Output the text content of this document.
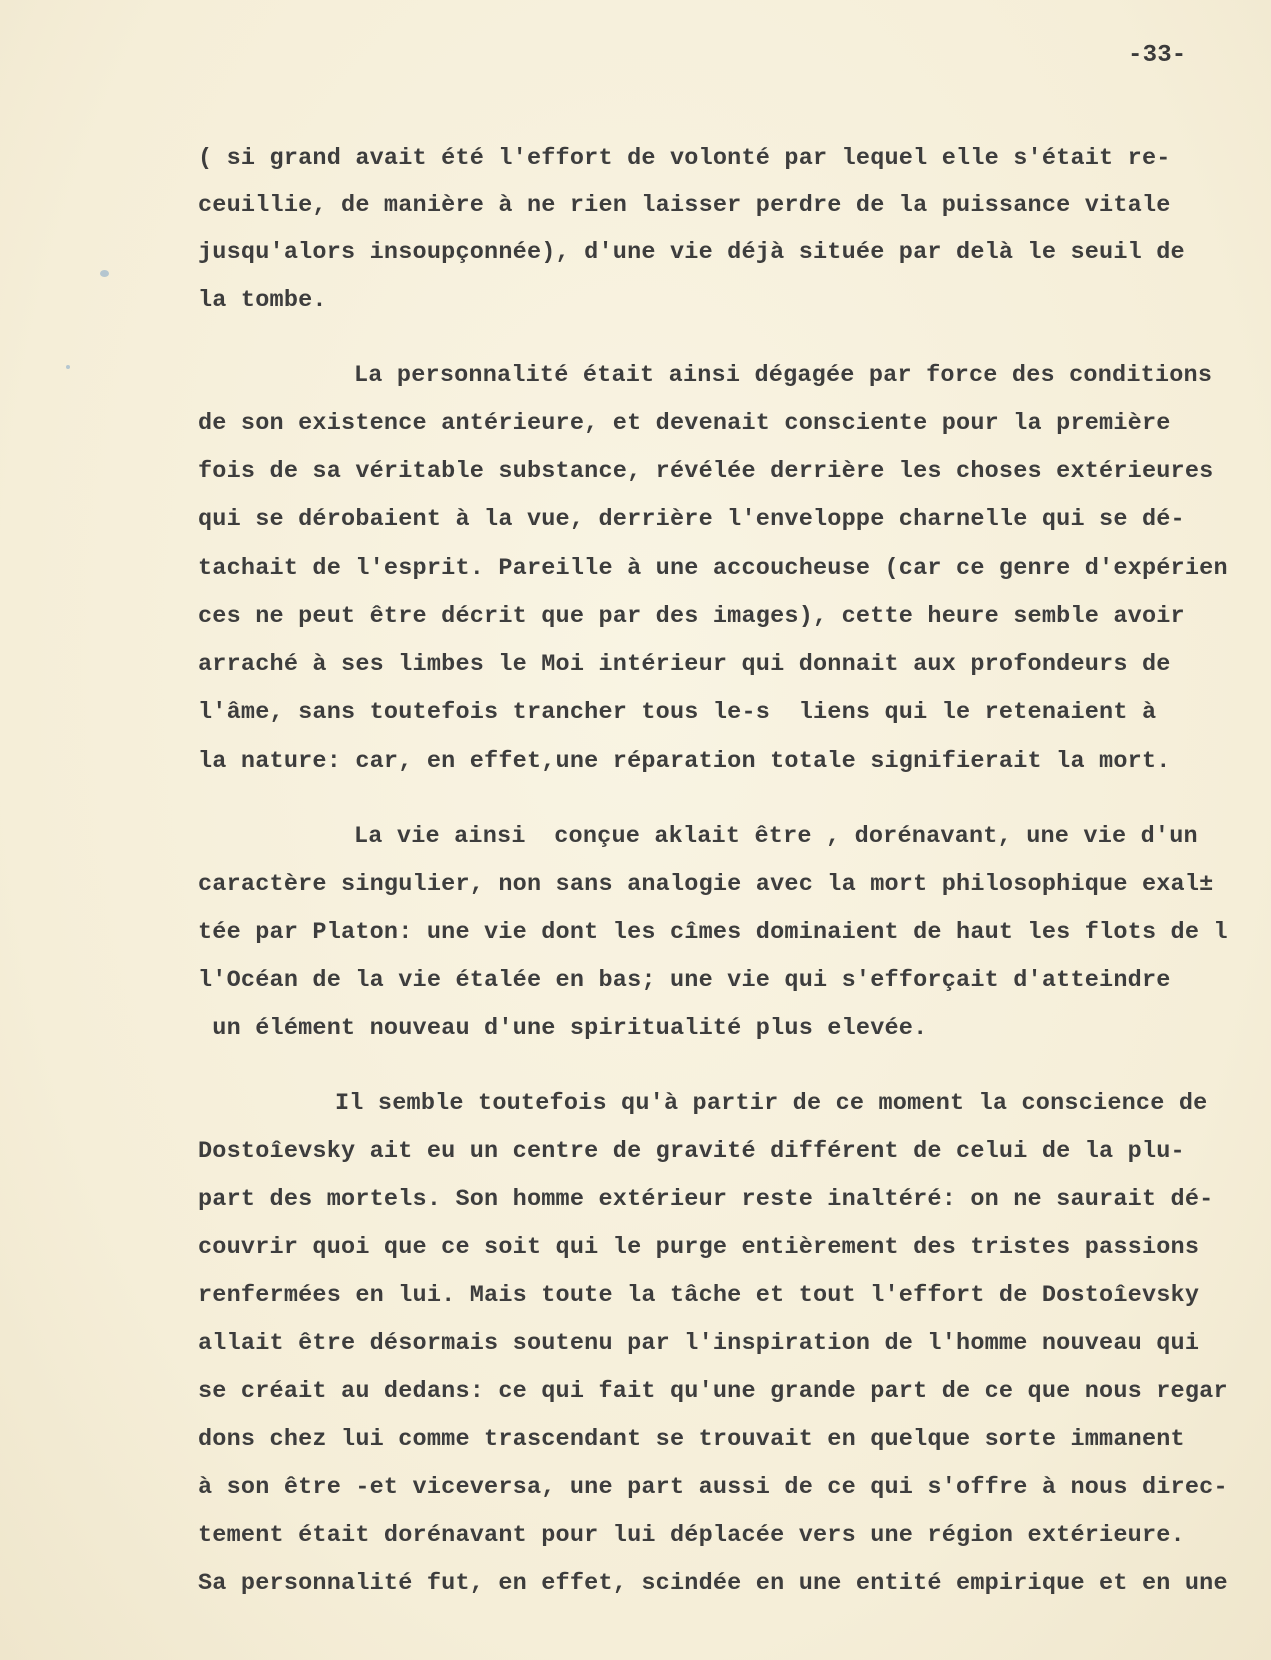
-33-
( si grand avait été l'effort de volonté par lequel elle s'était re-
ceuillie, de manière à ne rien laisser perdre de la puissance vitale
jusqu'alors insoupçonnée), d'une vie déjà située par delà le seuil de
la tombe.
La personnalité était ainsi dégagée par force des conditions
de son existence antérieure, et devenait consciente pour la première
fois de sa véritable substance, révélée derrière les choses extérieures
qui se dérobaient à la vue, derrière l'enveloppe charnelle qui se dé-
tachait de l'esprit. Pareille à une accoucheuse (car ce genre d'expérien
ces ne peut être décrit que par des images), cette heure semble avoir
arraché à ses limbes le Moi intérieur qui donnait aux profondeurs de
l'âme, sans toutefois trancher tous le-s  liens qui le retenaient à
la nature: car, en effet,une réparation totale signifierait la mort.
La vie ainsi  conçue aklait être , dorénavant, une vie d'un
caractère singulier, non sans analogie avec la mort philosophique exal±
tée par Platon: une vie dont les cîmes dominaient de haut les flots de l
l'Océan de la vie étalée en bas; une vie qui s'efforçait d'atteindre
un élément nouveau d'une spiritualité plus elevée.
Il semble toutefois qu'à partir de ce moment la conscience de
Dostoîevsky ait eu un centre de gravité différent de celui de la plu-
part des mortels. Son homme extérieur reste inaltéré: on ne saurait dé-
couvrir quoi que ce soit qui le purge entièrement des tristes passions
renfermées en lui. Mais toute la tâche et tout l'effort de Dostoîevsky
allait être désormais soutenu par l'inspiration de l'homme nouveau qui
se créait au dedans: ce qui fait qu'une grande part de ce que nous regar
dons chez lui comme trascendant se trouvait en quelque sorte immanent
à son être -et viceversa, une part aussi de ce qui s'offre à nous direc-
tement était dorénavant pour lui déplacée vers une région extérieure.
Sa personnalité fut, en effet, scindée en une entité empirique et en une
